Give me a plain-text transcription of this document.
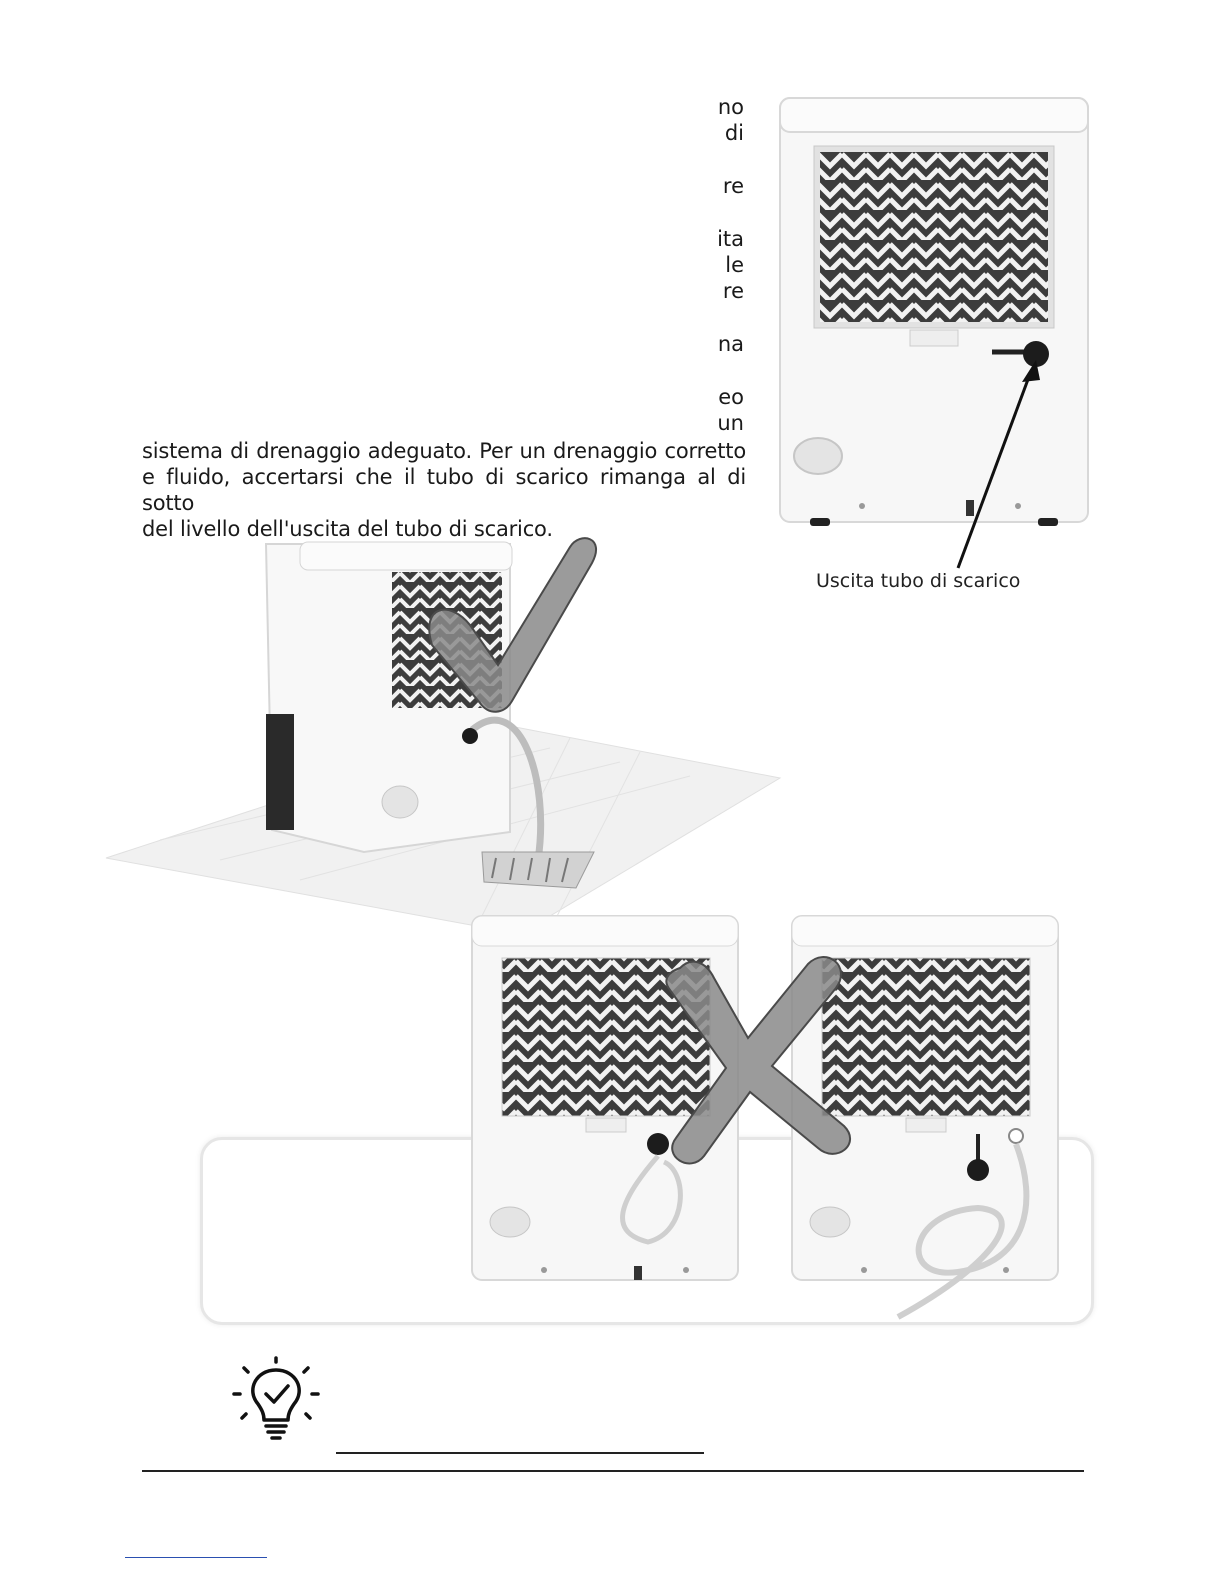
no
di
re
ita
le
re
na
eo
un
sistema di drenaggio adeguato. Per un drenaggio corretto
e fluido, accertarsi che il tubo di scarico rimanga al di sotto
del livello dell'uscita del tubo di scarico.
Uscita tubo di scarico
